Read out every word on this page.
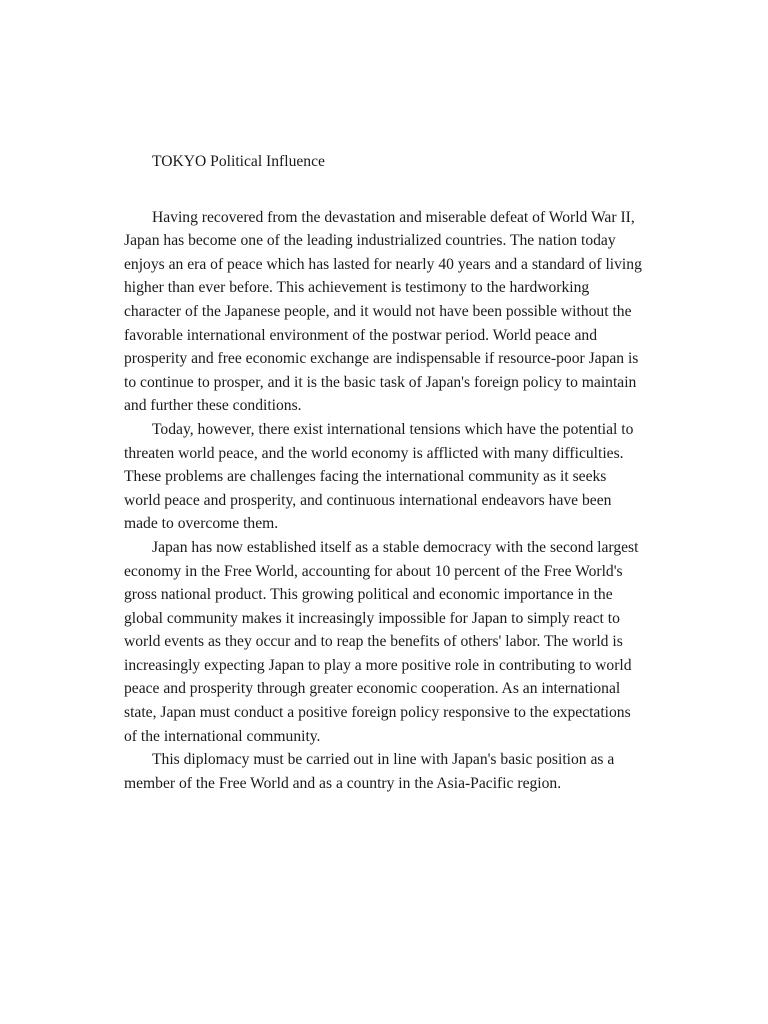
TOKYO Political Influence

Having recovered from the devastation and miserable defeat of World War II, Japan has become one of the leading industrialized countries. The nation today enjoys an era of peace which has lasted for nearly 40 years and a standard of living higher than ever before. This achievement is testimony to the hardworking character of the Japanese people, and it would not have been possible without the favorable international environment of the postwar period. World peace and prosperity and free economic exchange are indispensable if resource-poor Japan is to continue to prosper, and it is the basic task of Japan's foreign policy to maintain and further these conditions.

Today, however, there exist international tensions which have the potential to threaten world peace, and the world economy is afflicted with many difficulties. These problems are challenges facing the international community as it seeks world peace and prosperity, and continuous international endeavors have been made to overcome them.

Japan has now established itself as a stable democracy with the second largest economy in the Free World, accounting for about 10 percent of the Free World's gross national product. This growing political and economic importance in the global community makes it increasingly impossible for Japan to simply react to world events as they occur and to reap the benefits of others' labor. The world is increasingly expecting Japan to play a more positive role in contributing to world peace and prosperity through greater economic cooperation. As an international state, Japan must conduct a positive foreign policy responsive to the expectations of the international community.

This diplomacy must be carried out in line with Japan's basic position as a member of the Free World and as a country in the Asia-Pacific region.
